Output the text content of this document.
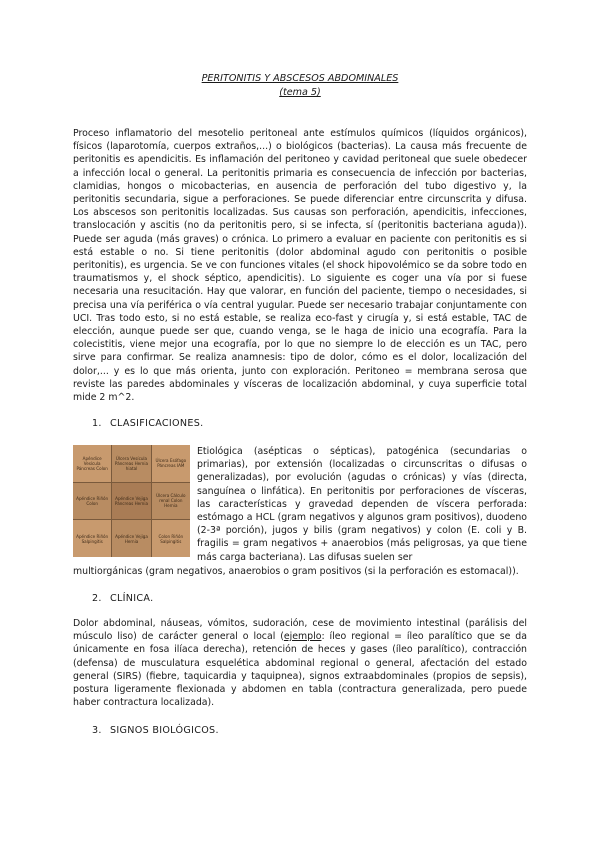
PERITONITIS Y ABSCESOS ABDOMINALES
(tema 5)

Proceso inflamatorio del mesotelio peritoneal ante estímulos químicos (líquidos orgánicos), físicos (laparotomía, cuerpos extraños,...) o biológicos (bacterias). La causa más frecuente de peritonitis es apendicitis. Es inflamación del peritoneo y cavidad peritoneal que suele obedecer a infección local o general. La peritonitis primaria es consecuencia de infección por bacterias, clamidias, hongos o micobacterias, en ausencia de perforación del tubo digestivo y, la peritonitis secundaria, sigue a perforaciones. Se puede diferenciar entre circunscrita y difusa. Los abscesos son peritonitis localizadas. Sus causas son perforación, apendicitis, infecciones, translocación y ascitis (no da peritonitis pero, si se infecta, sí (peritonitis bacteriana aguda)). Puede ser aguda (más graves) o crónica. Lo primero a evaluar en paciente con peritonitis es si está estable o no. Si tiene peritonitis (dolor abdominal agudo con peritonitis o posible peritonitis), es urgencia. Se ve con funciones vitales (el shock hipovolémico se da sobre todo en traumatismos y, el shock séptico, apendicitis). Lo siguiente es coger una vía por si fuese necesaria una resucitación. Hay que valorar, en función del paciente, tiempo o necesidades, si precisa una vía periférica o vía central yugular. Puede ser necesario trabajar conjuntamente con UCI. Tras todo esto, si no está estable, se realiza eco-fast y cirugía y, si está estable, TAC de elección, aunque puede ser que, cuando venga, se le haga de inicio una ecografía. Para la colecistitis, viene mejor una ecografía, por lo que no siempre lo de elección es un TAC, pero sirve para confirmar. Se realiza anamnesis: tipo de dolor, cómo es el dolor, localización del dolor,... y es lo que más orienta, junto con exploración. Peritoneo = membrana serosa que reviste las paredes abdominales y vísceras de localización abdominal, y cuya superficie total mide 2 m^2.

1. CLASIFICACIONES.
Apéndice Vesícula Páncreas Colon
Úlcera Vesícula Páncreas Hernia hiatal
Úlcera Esófago Páncreas IAM
Apéndice Riñón Colon
Apéndice Vejiga Páncreas Hernia
Úlcera Cálculo renal Colon Hernia
Apéndice Riñón Salpingitis
Apéndice Vejiga Hernia
Colon Riñón Salpingitis

Etiológica (asépticas o sépticas), patogénica (secundarias o primarias), por extensión (localizadas o circunscritas o difusas o generalizadas), por evolución (agudas o crónicas) y vías (directa, sanguínea o linfática). En peritonitis por perforaciones de vísceras, las características y gravedad dependen de víscera perforada: estómago a HCL (gram negativos y algunos gram positivos), duodeno (2-3ª porción), jugos y bilis (gram negativos) y colon (E. coli y B. fragilis = gram negativos + anaerobios (más peligrosas, ya que tiene más carga bacteriana). Las difusas suelen ser

multiorgánicas (gram negativos, anaerobios o gram positivos (si la perforación es estomacal)).

2. CLÍNICA.

Dolor abdominal, náuseas, vómitos, sudoración, cese de movimiento intestinal (parálisis del músculo liso) de carácter general o local (ejemplo: íleo regional = íleo paralítico que se da únicamente en fosa ilíaca derecha), retención de heces y gases (íleo paralítico), contracción (defensa) de musculatura esquelética abdominal regional o general, afectación del estado general (SIRS) (fiebre, taquicardia y taquipnea), signos extraabdominales (propios de sepsis), postura ligeramente flexionada y abdomen en tabla (contractura generalizada, pero puede haber contractura localizada).

3. SIGNOS BIOLÓGICOS.
